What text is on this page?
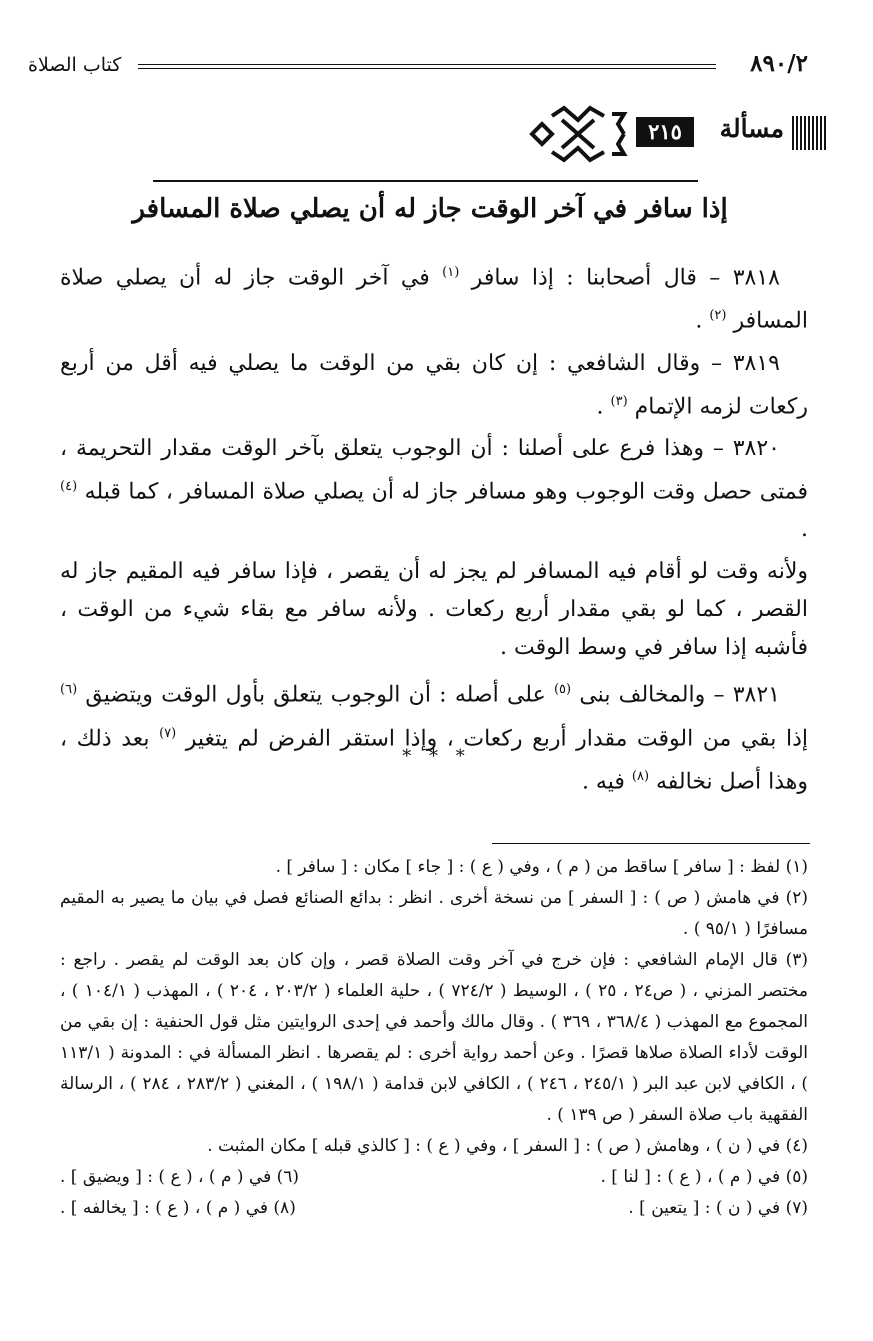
٨٩٠/٢
كتاب الصلاة
مسألة
٢١٥
إذا سافر في آخر الوقت جاز له أن يصلي صلاة المسافر

٣٨١٨ – قال أصحابنا : إذا سافر $^{(١)}$ في آخر الوقت جاز له أن يصلي صلاة المسافر $^{(٢)}$ .

٣٨١٩ – وقال الشافعي : إن كان بقي من الوقت ما يصلي فيه أقل من أربع ركعات لزمه الإتمام $^{(٣)}$ .

٣٨٢٠ – وهذا فرع على أصلنا : أن الوجوب يتعلق بآخر الوقت مقدار التحريمة ، فمتى حصل وقت الوجوب وهو مسافر جاز له أن يصلي صلاة المسافر ، كما قبله $^{(٤)}$ .

ولأنه وقت لو أقام فيه المسافر لم يجز له أن يقصر ، فإذا سافر فيه المقيم جاز له القصر ، كما لو بقي مقدار أربع ركعات . ولأنه سافر مع بقاء شيء من الوقت ، فأشبه إذا سافر في وسط الوقت .

٣٨٢١ – والمخالف بنى $^{(٥)}$ على أصله : أن الوجوب يتعلق بأول الوقت ويتضيق $^{(٦)}$ إذا بقي من الوقت مقدار أربع ركعات ، وإذا استقر الفرض لم يتغير $^{(٧)}$ بعد ذلك ، وهذا أصل نخالفه $^{(٨)}$ فيه .

* * *

(١) لفظ : [ سافر ] ساقط من ( م ) ، وفي ( ع ) : [ جاء ] مكان : [ سافر ] .

(٢) في هامش ( ص ) : [ السفر ] من نسخة أخرى . انظر : بدائع الصنائع فصل في بيان ما يصير به المقيم مسافرًا ( ٩٥/١ ) .

(٣) قال الإمام الشافعي : فإن خرج في آخر وقت الصلاة قصر ، وإن كان بعد الوقت لم يقصر . راجع : مختصر المزني ، ( ص٢٤ ، ٢٥ ) ، الوسيط ( ٧٢٤/٢ ) ، حلية العلماء ( ٢٠٣/٢ ، ٢٠٤ ) ، المهذب ( ١٠٤/١ ) ، المجموع مع المهذب ( ٣٦٨/٤ ، ٣٦٩ ) . وقال مالك وأحمد في إحدى الروايتين مثل قول الحنفية : إن بقي من الوقت لأداء الصلاة صلاها قصرًا . وعن أحمد رواية أخرى : لم يقصرها . انظر المسألة في : المدونة ( ١١٣/١ ) ، الكافي لابن عبد البر ( ٢٤٥/١ ، ٢٤٦ ) ، الكافي لابن قدامة ( ١٩٨/١ ) ، المغني ( ٢٨٣/٢ ، ٢٨٤ ) ، الرسالة الفقهية باب صلاة السفر ( ص ١٣٩ ) .

(٤) في ( ن ) ، وهامش ( ص ) : [ السفر ] ، وفي ( ع ) : [ كالذي قبله ] مكان المثبت .

(٥) في ( م ) ، ( ع ) : [ لنا ] .
(٦) في ( م ) ، ( ع ) : [ ويضيق ] .
(٧) في ( ن ) : [ يتعين ] .
(٨) في ( م ) ، ( ع ) : [ يخالفه ] .
